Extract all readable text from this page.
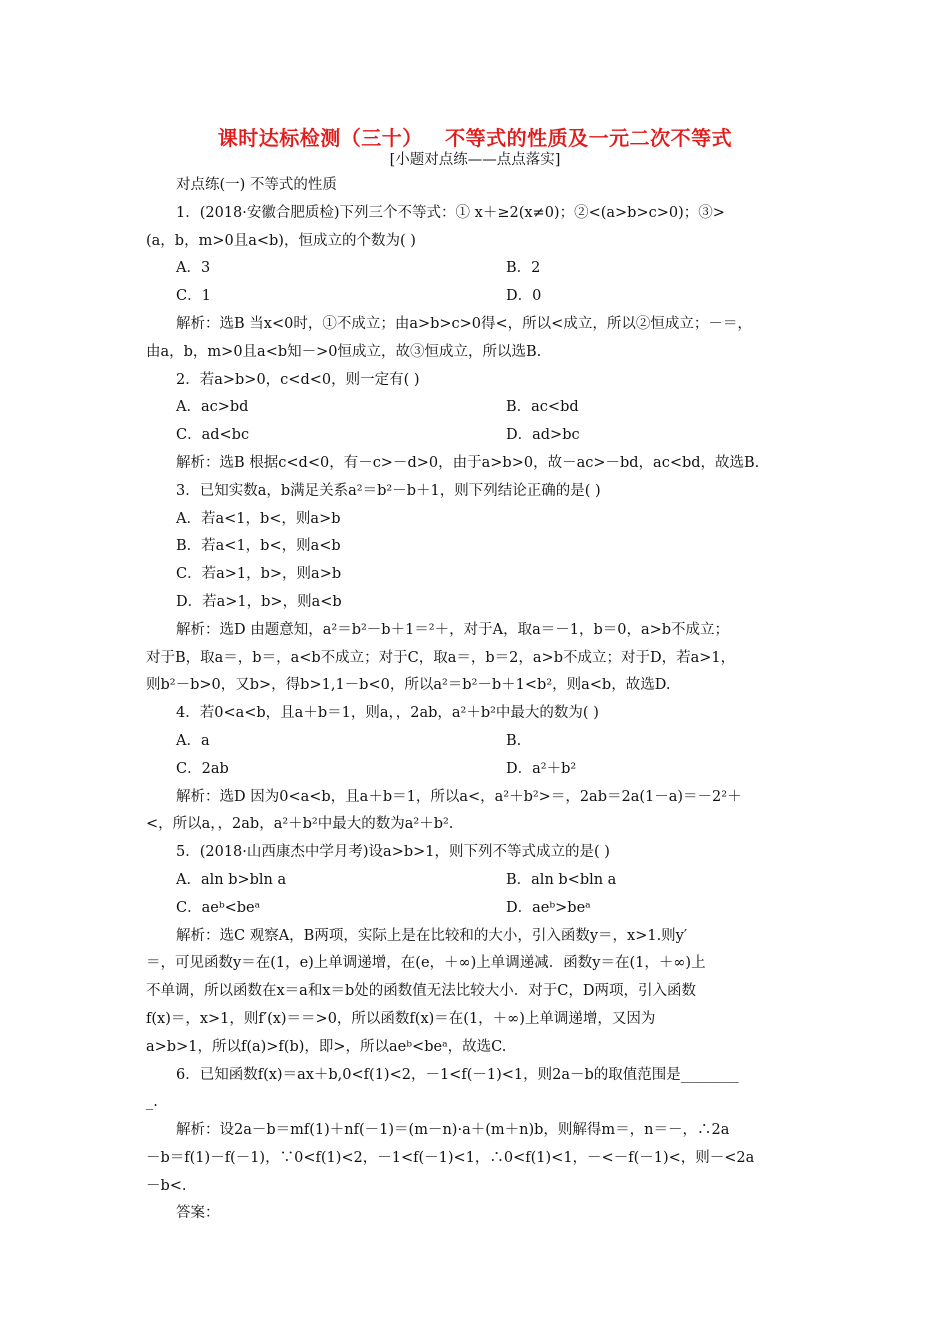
课时达标检测（三十）   不等式的性质及一元二次不等式
[小题对点练——点点落实]
对点练(一) 不等式的性质
1．(2018·安徽合肥质检)下列三个不等式：① x＋≥2(x≠0)；②<(a>b>c>0)；③>
(a，b，m>0且a<b)，恒成立的个数为( )
A．3	B．2
C．1	D．0
解析：选B 当x<0时，①不成立；由a>b>c>0得<，所以<成立，所以②恒成立；－＝，
由a，b，m>0且a<b知－>0恒成立，故③恒成立，所以选B.
2．若a>b>0，c<d<0，则一定有( )
A．ac>bd	B．ac<bd
C．ad<bc	D．ad>bc
解析：选B 根据c<d<0，有－c>－d>0，由于a>b>0，故－ac>－bd，ac<bd，故选B.
3．已知实数a，b满足关系a²＝b²－b＋1，则下列结论正确的是( )
A．若a<1，b<，则a>b
B．若a<1，b<，则a<b
C．若a>1，b>，则a>b
D．若a>1，b>，则a<b
解析：选D 由题意知，a²＝b²－b＋1＝²＋，对于A，取a＝－1，b＝0，a>b不成立；
对于B，取a＝，b＝，a<b不成立；对于C，取a＝，b＝2，a>b不成立；对于D，若a>1，
则b²－b>0，又b>，得b>1,1－b<0，所以a²＝b²－b＋1<b²，则a<b，故选D.
4．若0<a<b，且a＋b＝1，则a，，2ab，a²＋b²中最大的数为( )
A．a	B.
C．2ab	D．a²＋b²
解析：选D 因为0<a<b，且a＋b＝1，所以a<，a²＋b²>＝，2ab＝2a(1－a)＝－2²＋
<，所以a，，2ab，a²＋b²中最大的数为a²＋b².
5．(2018·山西康杰中学月考)设a>b>1，则下列不等式成立的是( )
A．aln b>bln a	B．aln b<bln a
C．aeᵇ<beᵃ	D．aeᵇ>beᵃ
解析：选C 观察A，B两项，实际上是在比较和的大小，引入函数y＝，x>1.则y′
＝，可见函数y＝在(1，e)上单调递增，在(e，＋∞)上单调递减．函数y＝在(1，＋∞)上
不单调，所以函数在x＝a和x＝b处的函数值无法比较大小．对于C，D两项，引入函数
f(x)＝，x>1，则f′(x)＝＝>0，所以函数f(x)＝在(1，＋∞)上单调递增，又因为
a>b>1，所以f(a)>f(b)，即>，所以aeᵇ<beᵃ，故选C.
6．已知函数f(x)＝ax＋b,0<f(1)<2，－1<f(－1)<1，则2a－b的取值范围是________
_.
解析：设2a－b＝mf(1)＋nf(－1)＝(m－n)·a＋(m＋n)b，则解得m＝，n＝－，∴2a
－b＝f(1)－f(－1)，∵0<f(1)<2，－1<f(－1)<1，∴0<f(1)<1，－<－f(－1)<，则－<2a
－b<.
答案：
